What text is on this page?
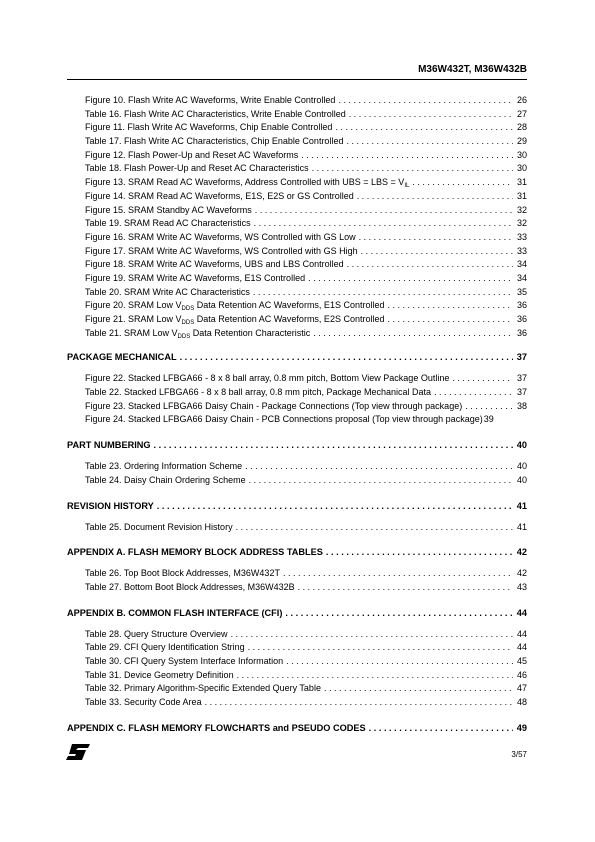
M36W432T, M36W432B
Figure 10. Flash Write AC Waveforms, Write Enable Controlled . . .	26
Table 16. Flash Write AC Characteristics, Write Enable Controlled . . .	27
Figure 11. Flash Write AC Waveforms, Chip Enable Controlled . . .	28
Table 17. Flash Write AC Characteristics, Chip Enable Controlled . . .	29
Figure 12. Flash Power-Up and Reset AC Waveforms . . .	30
Table 18. Flash Power-Up and Reset AC Characteristics . . .	30
Figure 13. SRAM Read AC Waveforms, Address Controlled with UBS = LBS = $V_{IL}$ . . .	31
Figure 14. SRAM Read AC Waveforms, E1S, E2S or GS Controlled . . .	31
Figure 15. SRAM Standby AC Waveforms . . .	32
Table 19. SRAM Read AC Characteristics . . .	32
Figure 16. SRAM Write AC Waveforms, WS Controlled with GS Low . . .	33
Figure 17. SRAM Write AC Waveforms, WS Controlled with GS High . . .	33
Figure 18. SRAM Write AC Waveforms, UBS and LBS Controlled . . .	34
Figure 19. SRAM Write AC Waveforms, E1S Controlled . . .	34
Table 20. SRAM Write AC Characteristics . . .	35
Figure 20. SRAM Low $V_{DDS}$ Data Retention AC Waveforms, E1S Controlled . . .	36
Figure 21. SRAM Low $V_{DDS}$ Data Retention AC Waveforms, E2S Controlled . . .	36
Table 21. SRAM Low $V_{DDS}$ Data Retention Characteristic . . .	36
PACKAGE MECHANICAL . . .	37
Figure 22. Stacked LFBGA66 - 8 x 8 ball array, 0.8 mm pitch, Bottom View Package Outline . . .	37
Table 22. Stacked LFBGA66 - 8 x 8 ball array, 0.8 mm pitch, Package Mechanical Data . . .	37
Figure 23. Stacked LFBGA66 Daisy Chain - Package Connections (Top view through package) . . .	38
Figure 24. Stacked LFBGA66 Daisy Chain - PCB Connections proposal (Top view through package) 39
PART NUMBERING . . .	40
Table 23. Ordering Information Scheme . . .	40
Table 24. Daisy Chain Ordering Scheme . . .	40
REVISION HISTORY . . .	41
Table 25. Document Revision History . . .	41
APPENDIX A. FLASH MEMORY BLOCK ADDRESS TABLES . . .	42
Table 26. Top Boot Block Addresses, M36W432T . . .	42
Table 27. Bottom Boot Block Addresses, M36W432B . . .	43
APPENDIX B. COMMON FLASH INTERFACE (CFI) . . .	44
Table 28. Query Structure Overview . . .	44
Table 29. CFI Query Identification String . . .	44
Table 30. CFI Query System Interface Information . . .	45
Table 31. Device Geometry Definition . . .	46
Table 32. Primary Algorithm-Specific Extended Query Table . . .	47
Table 33. Security Code Area . . .	48
APPENDIX C. FLASH MEMORY FLOWCHARTS and PSEUDO CODES . . .	49
3/57
